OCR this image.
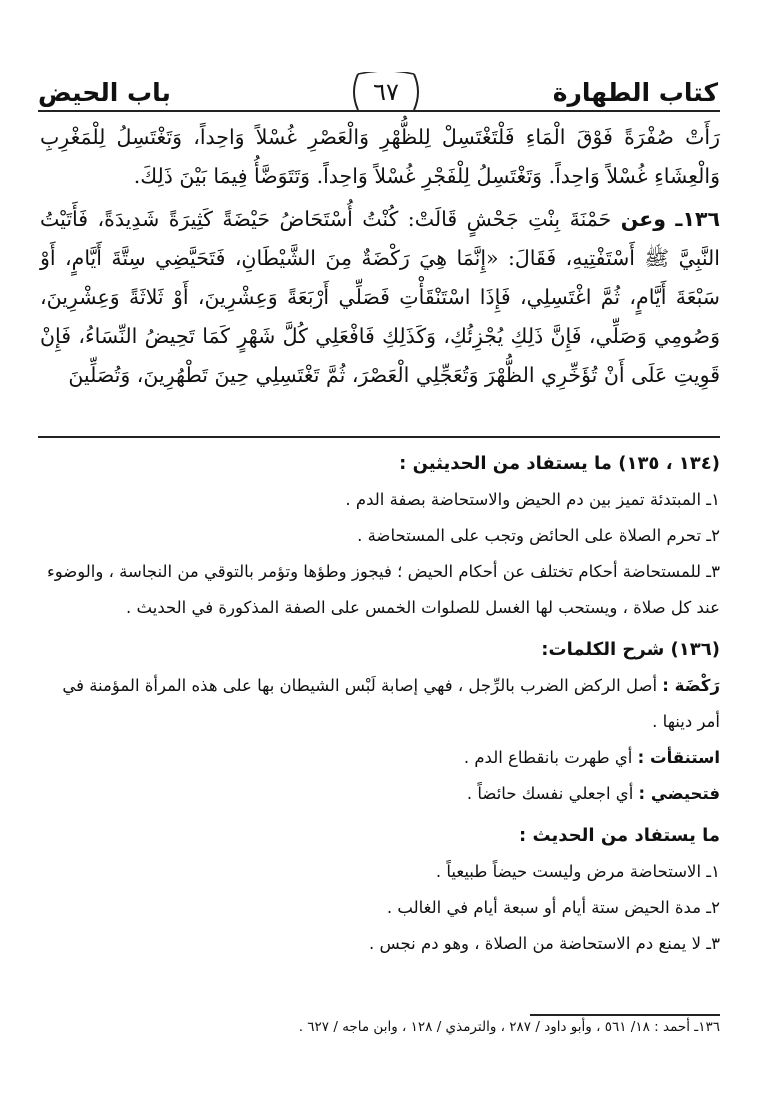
كتاب الطهارة
٦٧
باب الحيض

رَأَتْ صُفْرَةً فَوْقَ الْمَاءِ فَلْتَغْتَسِلْ لِلظُّهْرِ وَالْعَصْرِ غُسْلاً وَاحِداً، وَتَغْتَسِلُ لِلْمَغْرِبِ وَالْعِشَاءِ غُسْلاً وَاحِداً. وَتَغْتَسِلُ لِلْفَجْرِ غُسْلاً وَاحِداً. وَتَتَوَضَّأُ فِيمَا بَيْنَ ذَلِكَ.

١٣٦ـ وعن حَمْنَةَ بِنْتِ جَحْشٍ قَالَتْ: كُنْتُ أُسْتَحَاضُ حَيْضَةً كَثِيرَةً شَدِيدَةً، فَأَتَيْتُ النَّبِيَّ ﷺ أَسْتَفْتِيهِ، فَقَالَ: «إِنَّمَا هِيَ رَكْضَةٌ مِنَ الشَّيْطَانِ، فَتَحَيَّضِي سِتَّةَ أَيَّامٍ، أَوْ سَبْعَةَ أَيَّامٍ، ثُمَّ اغْتَسِلِي، فَإِذَا اسْتَنْقَأْتِ فَصَلِّي أَرْبَعَةً وَعِشْرِينَ، أَوْ ثَلاثَةً وَعِشْرِينَ، وَصُومِي وَصَلِّي، فَإِنَّ ذَلِكِ يُجْزِئُكِ، وَكَذَلِكِ فَافْعَلِي كُلَّ شَهْرٍ كَمَا تَحِيضُ النِّسَاءُ، فَإِنْ قَوِيتِ عَلَى أَنْ تُؤَخِّرِي الظُّهْرَ وَتُعَجِّلِي الْعَصْرَ، ثُمَّ تَغْتَسِلِي حِينَ تَطْهُرِينَ، وَتُصَلِّينَ

(١٣٤ ، ١٣٥) ما يستفاد من الحديثين :

١ـ المبتدئة تميز بين دم الحيض والاستحاضة بصفة الدم .

٢ـ تحرم الصلاة على الحائض وتجب على المستحاضة .

٣ـ للمستحاضة أحكام تختلف عن أحكام الحيض ؛ فيجوز وطؤها وتؤمر بالتوقي من النجاسة ، والوضوء عند كل صلاة ، ويستحب لها الغسل للصلوات الخمس على الصفة المذكورة في الحديث .

(١٣٦) شرح الكلمات:

رَكْضَة : أصل الركض الضرب بالرِّجل ، فهي إصابة لَبْس الشيطان بها على هذه المرأة المؤمنة في أمر دينها .

استنقأت : أي طهرت بانقطاع الدم .

فتحيضي : أي اجعلي نفسك حائضاً .

ما يستفاد من الحديث :

١ـ الاستحاضة مرض وليست حيضاً طبيعياً .

٢ـ مدة الحيض ستة أيام أو سبعة أيام في الغالب .

٣ـ لا يمنع دم الاستحاضة من الصلاة ، وهو دم نجس .

١٣٦ـ أحمد : ١٨/ ٥٦١ ، وأبو داود / ٢٨٧ ، والترمذي / ١٢٨ ، وابن ماجه / ٦٢٧ .
